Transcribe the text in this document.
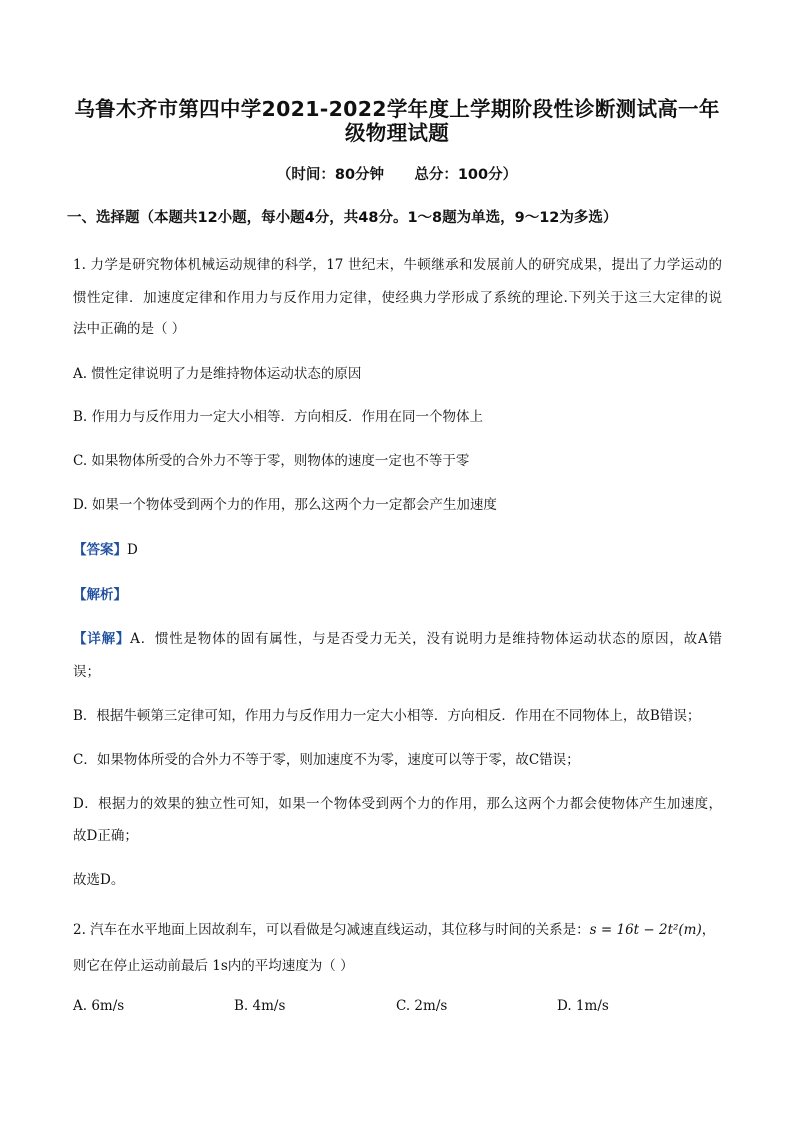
乌鲁木齐市第四中学2021-2022学年度上学期阶段性诊断测试高一年
级物理试题
（时间：80分钟      总分：100分）
一、选择题（本题共12小题，每小题4分，共48分。1～8题为单选，9～12为多选）
1. 力学是研究物体机械运动规律的科学，17 世纪末，牛顿继承和发展前人的研究成果，提出了力学运动的
惯性定律．加速度定律和作用力与反作用力定律，使经典力学形成了系统的理论.下列关于这三大定律的说
法中正确的是（ ）
A. 惯性定律说明了力是维持物体运动状态的原因
B. 作用力与反作用力一定大小相等．方向相反．作用在同一个物体上
C. 如果物体所受的合外力不等于零，则物体的速度一定也不等于零
D. 如果一个物体受到两个力的作用，那么这两个力一定都会产生加速度
【答案】D
【解析】
【详解】A．惯性是物体的固有属性，与是否受力无关，没有说明力是维持物体运动状态的原因，故A错
误；
B．根据牛顿第三定律可知，作用力与反作用力一定大小相等．方向相反．作用在不同物体上，故B错误；
C．如果物体所受的合外力不等于零，则加速度不为零，速度可以等于零，故C错误；
D．根据力的效果的独立性可知，如果一个物体受到两个力的作用，那么这两个力都会使物体产生加速度，
故D正确；
故选D。
2. 汽车在水平地面上因故刹车，可以看做是匀减速直线运动，其位移与时间的关系是：s = 16t − 2t²(m)，
则它在停止运动前最后 1s内的平均速度为（ ）
A. 6m/s	B. 4m/s	C. 2m/s	D. 1m/s
